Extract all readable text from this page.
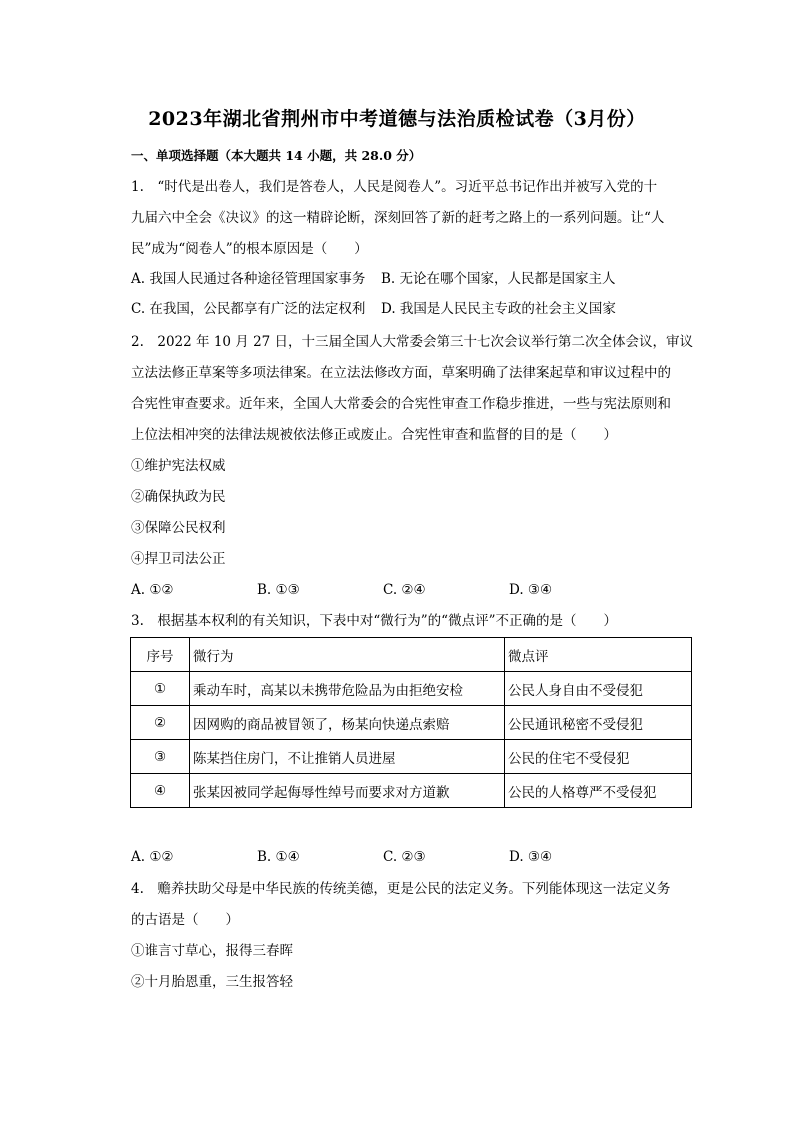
2023年湖北省荆州市中考道德与法治质检试卷（3月份）
一、单项选择题（本大题共 14 小题，共 28.0 分）
1.　“时代是出卷人，我们是答卷人，人民是阅卷人”。习近平总书记作出并被写入党的十
九届六中全会《决议》的这一精辟论断，深刻回答了新的赶考之路上的一系列问题。让“人
民”成为“阅卷人”的根本原因是（　　）
A. 我国人民通过各种途径管理国家事务 B. 无论在哪个国家，人民都是国家主人
C. 在我国，公民都享有广泛的法定权利 D. 我国是人民民主专政的社会主义国家
2.　2022 年 10 月 27 日，十三届全国人大常委会第三十七次会议举行第二次全体会议，审议
立法法修正草案等多项法律案。在立法法修改方面，草案明确了法律案起草和审议过程中的
合宪性审查要求。近年来，全国人大常委会的合宪性审查工作稳步推进，一些与宪法原则和
上位法相冲突的法律法规被依法修正或废止。合宪性审查和监督的目的是（　　）
①维护宪法权威
②确保执政为民
③保障公民权利
④捍卫司法公正
A. ①②	B. ①③	C. ②④	D. ③④
3.　根据基本权利的有关知识，下表中对“微行为”的“微点评”不正确的是（　　）
序号	微行为	微点评
①	乘动车时，高某以未携带危险品为由拒绝安检	公民人身自由不受侵犯
②	因网购的商品被冒领了，杨某向快递点索赔	公民通讯秘密不受侵犯
③	陈某挡住房门，不让推销人员进屋	公民的住宅不受侵犯
④	张某因被同学起侮辱性绰号而要求对方道歉	公民的人格尊严不受侵犯
A. ①②	B. ①④	C. ②③	D. ③④
4.　赡养扶助父母是中华民族的传统美德，更是公民的法定义务。下列能体现这一法定义务
的古语是（　　）
①谁言寸草心，报得三春晖
②十月胎恩重，三生报答轻
